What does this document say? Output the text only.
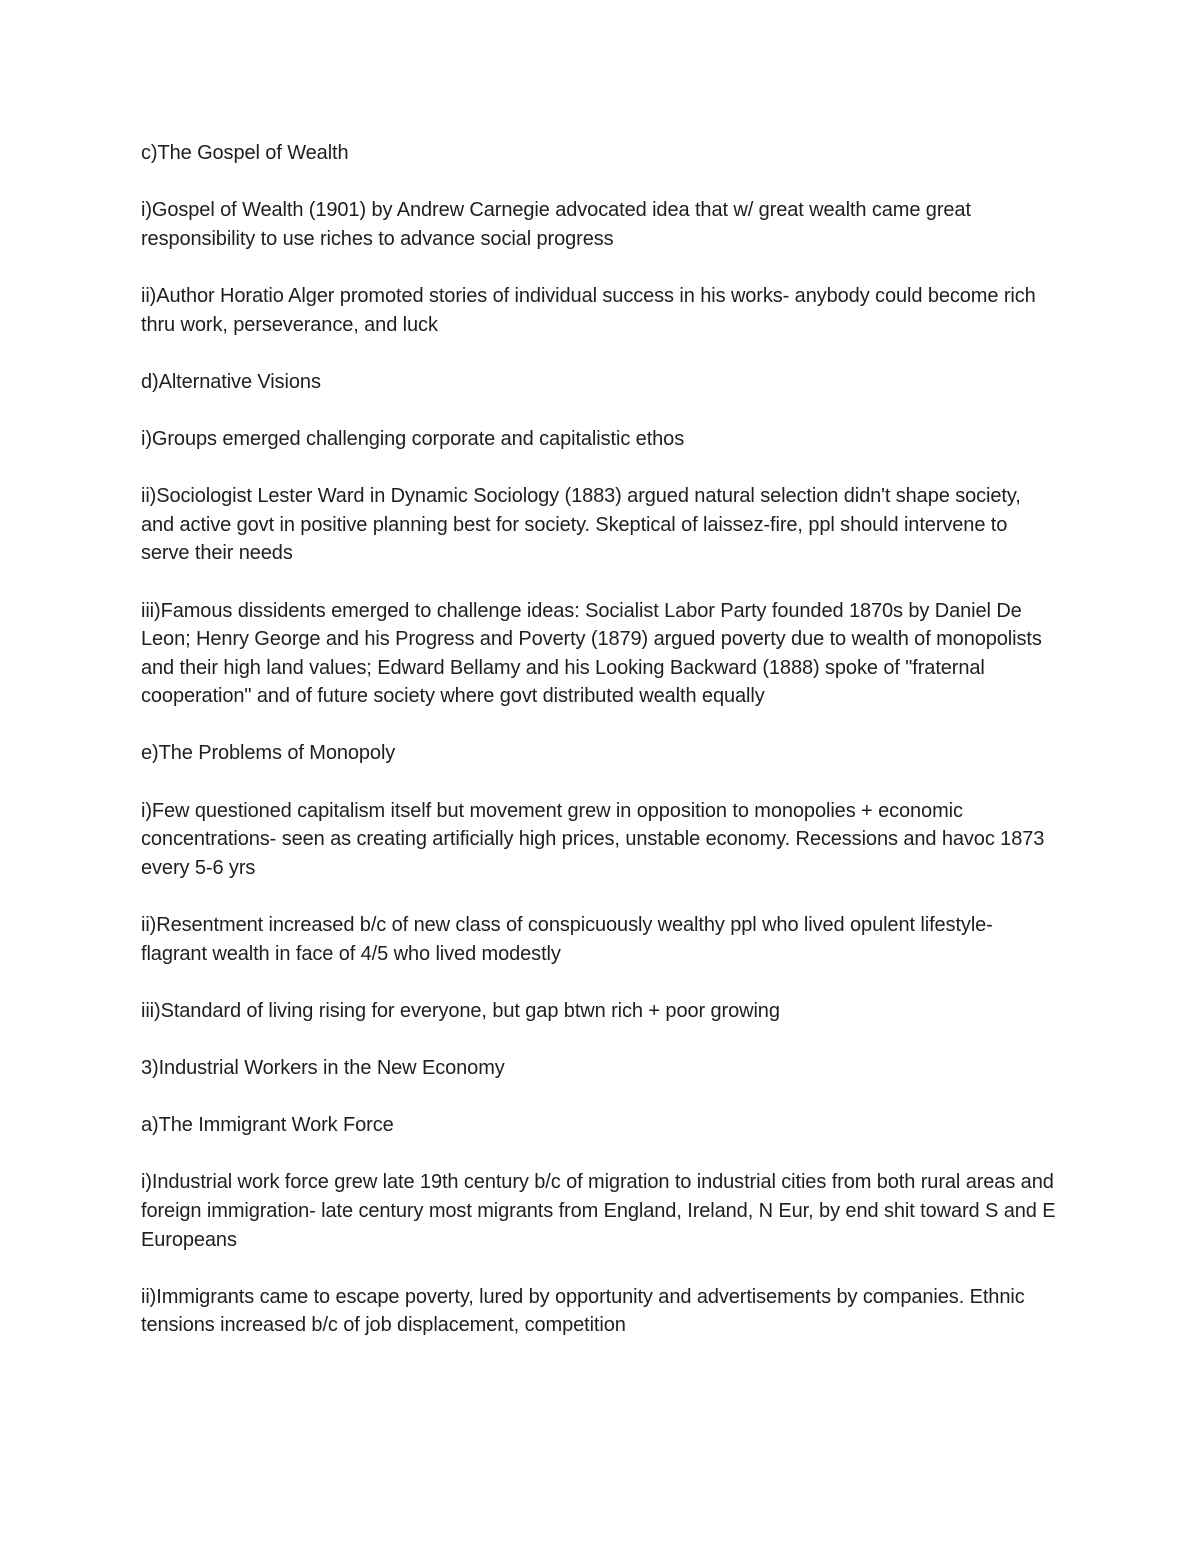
c)The Gospel of Wealth

i)Gospel of Wealth (1901) by Andrew Carnegie advocated idea that w/ great wealth came great responsibility to use riches to advance social progress

ii)Author Horatio Alger promoted stories of individual success in his works- anybody could become rich thru work, perseverance, and luck

d)Alternative Visions

i)Groups emerged challenging corporate and capitalistic ethos

ii)Sociologist Lester Ward in Dynamic Sociology (1883) argued natural selection didn't shape society, and active govt in positive planning best for society. Skeptical of laissez-fire, ppl should intervene to serve their needs

iii)Famous dissidents emerged to challenge ideas: Socialist Labor Party founded 1870s by Daniel De Leon; Henry George and his Progress and Poverty (1879) argued poverty due to wealth of monopolists and their high land values; Edward Bellamy and his Looking Backward (1888) spoke of "fraternal cooperation" and of future society where govt distributed wealth equally

e)The Problems of Monopoly

i)Few questioned capitalism itself but movement grew in opposition to monopolies + economic concentrations- seen as creating artificially high prices, unstable economy. Recessions and havoc 1873 every 5-6 yrs

ii)Resentment increased b/c of new class of conspicuously wealthy ppl who lived opulent lifestyle- flagrant wealth in face of 4/5 who lived modestly

iii)Standard of living rising for everyone, but gap btwn rich + poor growing

3)Industrial Workers in the New Economy

a)The Immigrant Work Force

i)Industrial work force grew late 19th century b/c of migration to industrial cities from both rural areas and foreign immigration- late century most migrants from England, Ireland, N Eur, by end shit toward S and E Europeans

ii)Immigrants came to escape poverty, lured by opportunity and advertisements by companies. Ethnic tensions increased b/c of job displacement, competition
